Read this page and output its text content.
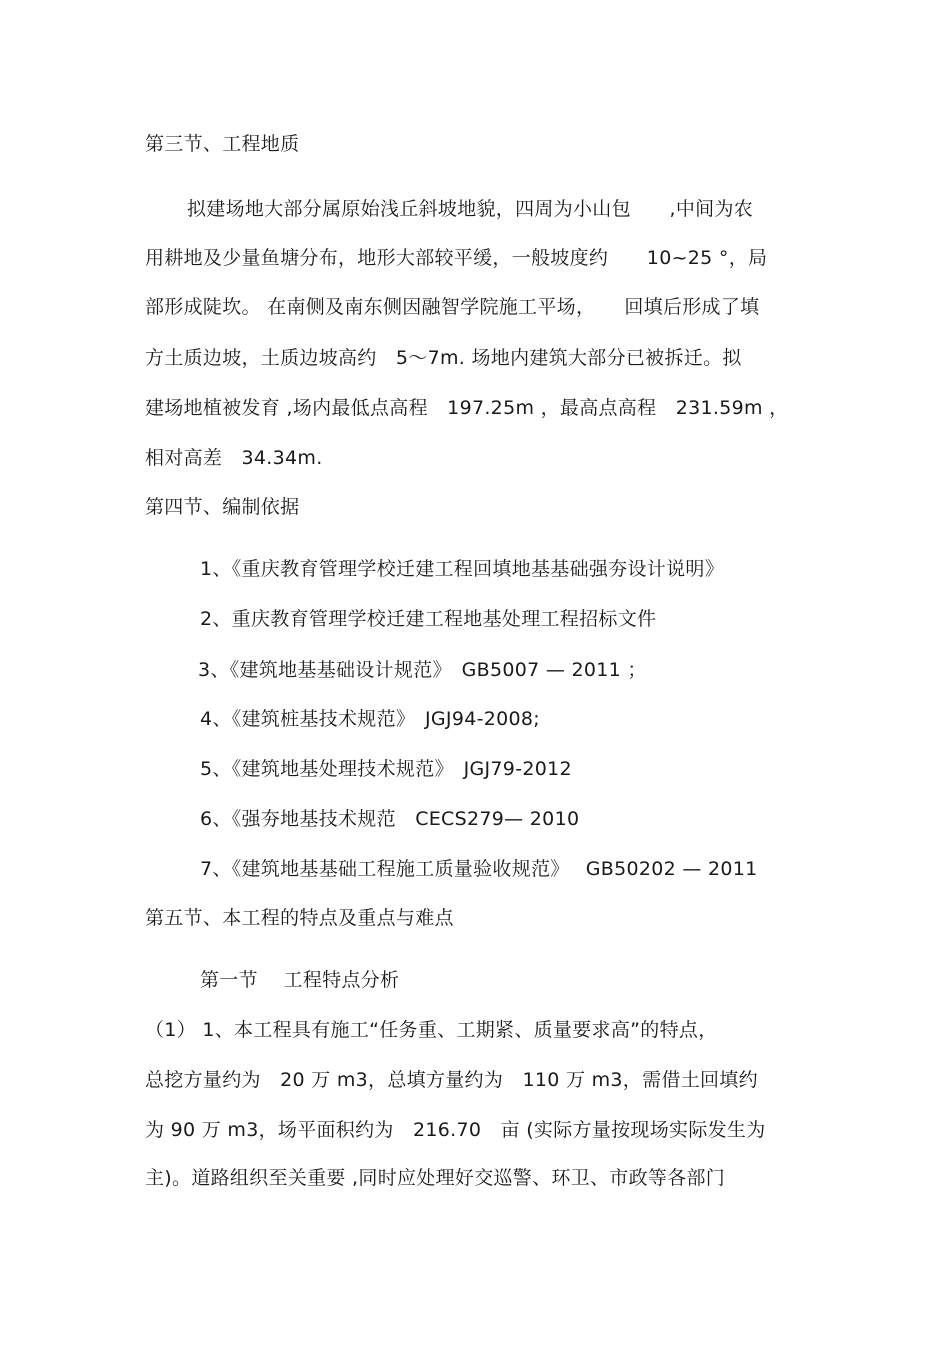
第三节、工程地质
拟建场地大部分属原始浅丘斜坡地貌，四周为小山包　　,中间为农
用耕地及少量鱼塘分布，地形大部较平缓，一般坡度约　　10~25 °，局
部形成陡坎。 在南侧及南东侧因融智学院施工平场，　　回填后形成了填
方土质边坡，土质边坡高约　5～7m. 场地内建筑大部分已被拆迁。拟
建场地植被发育 ,场内最低点高程　197.25m ，最高点高程　231.59m ，
相对高差　34.34m.
第四节、编制依据
1、《重庆教育管理学校迁建工程回填地基基础强夯设计说明》
2、重庆教育管理学校迁建工程地基处理工程招标文件
3、《建筑地基基础设计规范》　GB5007 — 2011 ；
4、《建筑桩基技术规范》　JGJ94-2008;
5、《建筑地基处理技术规范》　JGJ79-2012
6、《强夯地基技术规范　CECS279— 2010
7、《建筑地基基础工程施工质量验收规范》　 GB50202 — 2011
第五节、本工程的特点及重点与难点
第一节　 工程特点分析
（1） 1、本工程具有施工“任务重、工期紧、质量要求高”的特点，
总挖方量约为　20 万 m3，总填方量约为　110 万 m3，需借土回填约
为 90 万 m3，场平面积约为　216.70　亩 (实际方量按现场实际发生为
主)。道路组织至关重要 ,同时应处理好交巡警、环卫、市政等各部门
